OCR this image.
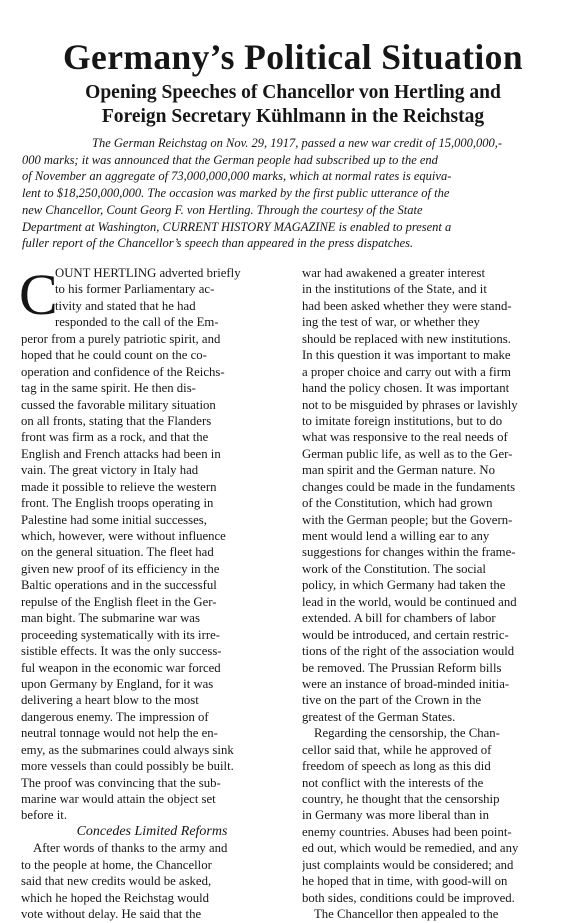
Germany’s Political Situation
Opening Speeches of Chancellor von Hertling and
Foreign Secretary Kühlmann in the Reichstag
The German Reichstag on Nov. 29, 1917, passed a new war credit of 15,000,000,-
000 marks; it was announced that the German people had subscribed up to the end
of November an aggregate of 73,000,000,000 marks, which at normal rates is equiva-
lent to $18,250,000,000. The occasion was marked by the first public utterance of the
new Chancellor, Count Georg F. von Hertling. Through the courtesy of the State
Department at Washington, CURRENT HISTORY MAGAZINE is enabled to present a
fuller report of the Chancellor’s speech than appeared in the press dispatches.
C
OUNT HERTLING adverted briefly
to his former Parliamentary ac-
tivity and stated that he had
responded to the call of the Em-
peror from a purely patriotic spirit, and
hoped that he could count on the co-
operation and confidence of the Reichs-
tag in the same spirit. He then dis-
cussed the favorable military situation
on all fronts, stating that the Flanders
front was firm as a rock, and that the
English and French attacks had been in
vain. The great victory in Italy had
made it possible to relieve the western
front. The English troops operating in
Palestine had some initial successes,
which, however, were without influence
on the general situation. The fleet had
given new proof of its efficiency in the
Baltic operations and in the successful
repulse of the English fleet in the Ger-
man bight. The submarine war was
proceeding systematically with its irre-
sistible effects. It was the only success-
ful weapon in the economic war forced
upon Germany by England, for it was
delivering a heart blow to the most
dangerous enemy. The impression of
neutral tonnage would not help the en-
emy, as the submarines could always sink
more vessels than could possibly be built.
The proof was convincing that the sub-
marine war would attain the object set
before it.
Concedes Limited Reforms
After words of thanks to the army and
to the people at home, the Chancellor
said that new credits would be asked,
which he hoped the Reichstag would
vote without delay. He said that the
war had awakened a greater interest
in the institutions of the State, and it
had been asked whether they were stand-
ing the test of war, or whether they
should be replaced with new institutions.
In this question it was important to make
a proper choice and carry out with a firm
hand the policy chosen. It was important
not to be misguided by phrases or lavishly
to imitate foreign institutions, but to do
what was responsive to the real needs of
German public life, as well as to the Ger-
man spirit and the German nature. No
changes could be made in the fundaments
of the Constitution, which had grown
with the German people; but the Govern-
ment would lend a willing ear to any
suggestions for changes within the frame-
work of the Constitution. The social
policy, in which Germany had taken the
lead in the world, would be continued and
extended. A bill for chambers of labor
would be introduced, and certain restric-
tions of the right of the association would
be removed. The Prussian Reform bills
were an instance of broad-minded initia-
tive on the part of the Crown in the
greatest of the German States.
Regarding the censorship, the Chan-
cellor said that, while he approved of
freedom of speech as long as this did
not conflict with the interests of the
country, he thought that the censorship
in Germany was more liberal than in
enemy countries. Abuses had been point-
ed out, which would be remedied, and any
just complaints would be considered; and
he hoped that in time, with good-will on
both sides, conditions could be improved.
The Chancellor then appealed to the
